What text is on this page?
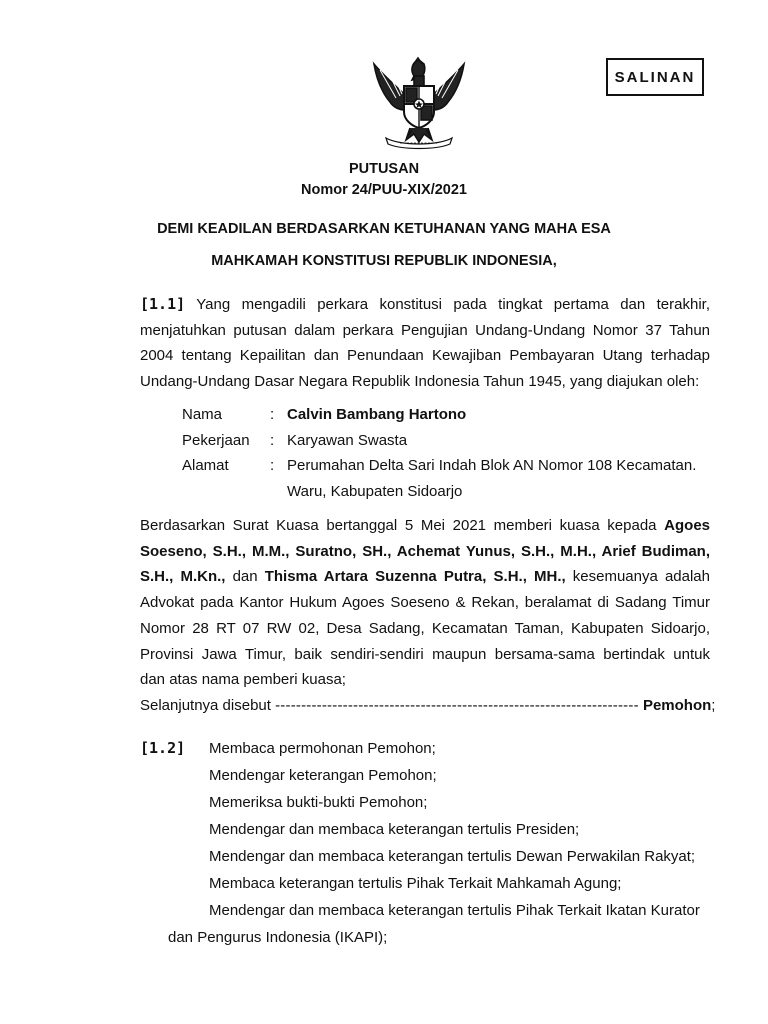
SALINAN
PUTUSAN
Nomor 24/PUU-XIX/2021
DEMI KEADILAN BERDASARKAN KETUHANAN YANG MAHA ESA
MAHKAMAH KONSTITUSI REPUBLIK INDONESIA,
[1.1] Yang mengadili perkara konstitusi pada tingkat pertama dan terakhir,
menjatuhkan putusan dalam perkara Pengujian Undang-Undang Nomor 37 Tahun
2004 tentang Kepailitan dan Penundaan Kewajiban Pembayaran Utang terhadap
Undang-Undang Dasar Negara Republik Indonesia Tahun 1945, yang diajukan oleh:
Nama	: Calvin Bambang Hartono
Pekerjaan	: Karyawan Swasta
Alamat	: Perumahan Delta Sari Indah Blok AN Nomor 108 Kecamatan.
Waru, Kabupaten Sidoarjo
Berdasarkan Surat Kuasa bertanggal 5 Mei 2021 memberi kuasa kepada Agoes
Soeseno, S.H., M.M., Suratno, SH., Achemat Yunus, S.H., M.H., Arief Budiman,
S.H., M.Kn., dan Thisma Artara Suzenna Putra, S.H., MH., kesemuanya adalah
Advokat pada Kantor Hukum Agoes Soeseno & Rekan, beralamat di Sadang Timur
Nomor 28 RT 07 RW 02, Desa Sadang, Kecamatan Taman, Kabupaten Sidoarjo,
Provinsi Jawa Timur, baik sendiri-sendiri maupun bersama-sama bertindak untuk
dan atas nama pemberi kuasa;
Selanjutnya disebut ---------------------------------------------------------------------- Pemohon;
[1.2] Membaca permohonan Pemohon;
Mendengar keterangan Pemohon;
Memeriksa bukti-bukti Pemohon;
Mendengar dan membaca keterangan tertulis Presiden;
Mendengar dan membaca keterangan tertulis Dewan Perwakilan Rakyat;
Membaca keterangan tertulis Pihak Terkait Mahkamah Agung;
Mendengar dan membaca keterangan tertulis Pihak Terkait Ikatan Kurator
dan Pengurus Indonesia (IKAPI);
